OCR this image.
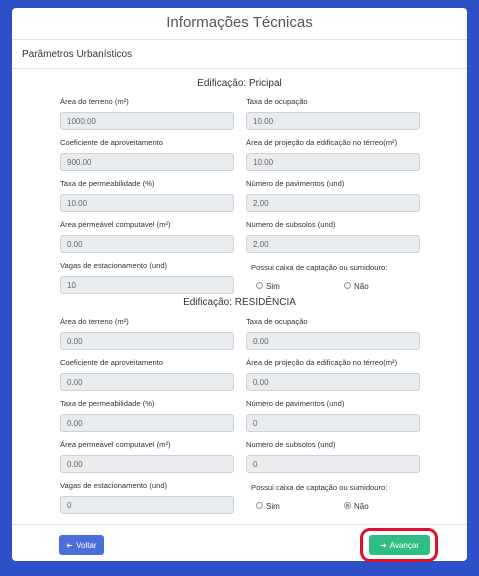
Informações Técnicas
Parâmetros Urbanísticos
Edificação: Pricipal
Área do terreno (m²)
1000.00
Taxa de ocupação
10.00
Coeficiente de aproveitamento
900.00
Área de projeção da edificação no térreo(m²)
10.00
Taxa de permeabilidade (%)
10.00
Número de pavimentos (und)
2,00
Área permeável computavel (m²)
0.00
Numero de subsolos (und)
2,00
Vagas de estacionamento (und)
10
Possui caixa de captação ou sumidouro:
Sim	Não
Edificação: RESIDÊNCIA
Área do terreno (m²)
0.00
Taxa de ocupação
0.00
Coeficiente de aproveitamento
0.00
Área de projeção da edificação no térreo(m²)
0.00
Taxa de permeabilidade (%)
0.00
Número de pavimentos (und)
0
Área permeável computavel (m²)
0.00
Numero de subsolos (und)
0
Vagas de estacionamento (und)
0
Possui caixa de captação ou sumidouro:
Sim	Não
➜ Voltar	➜ Avançar
